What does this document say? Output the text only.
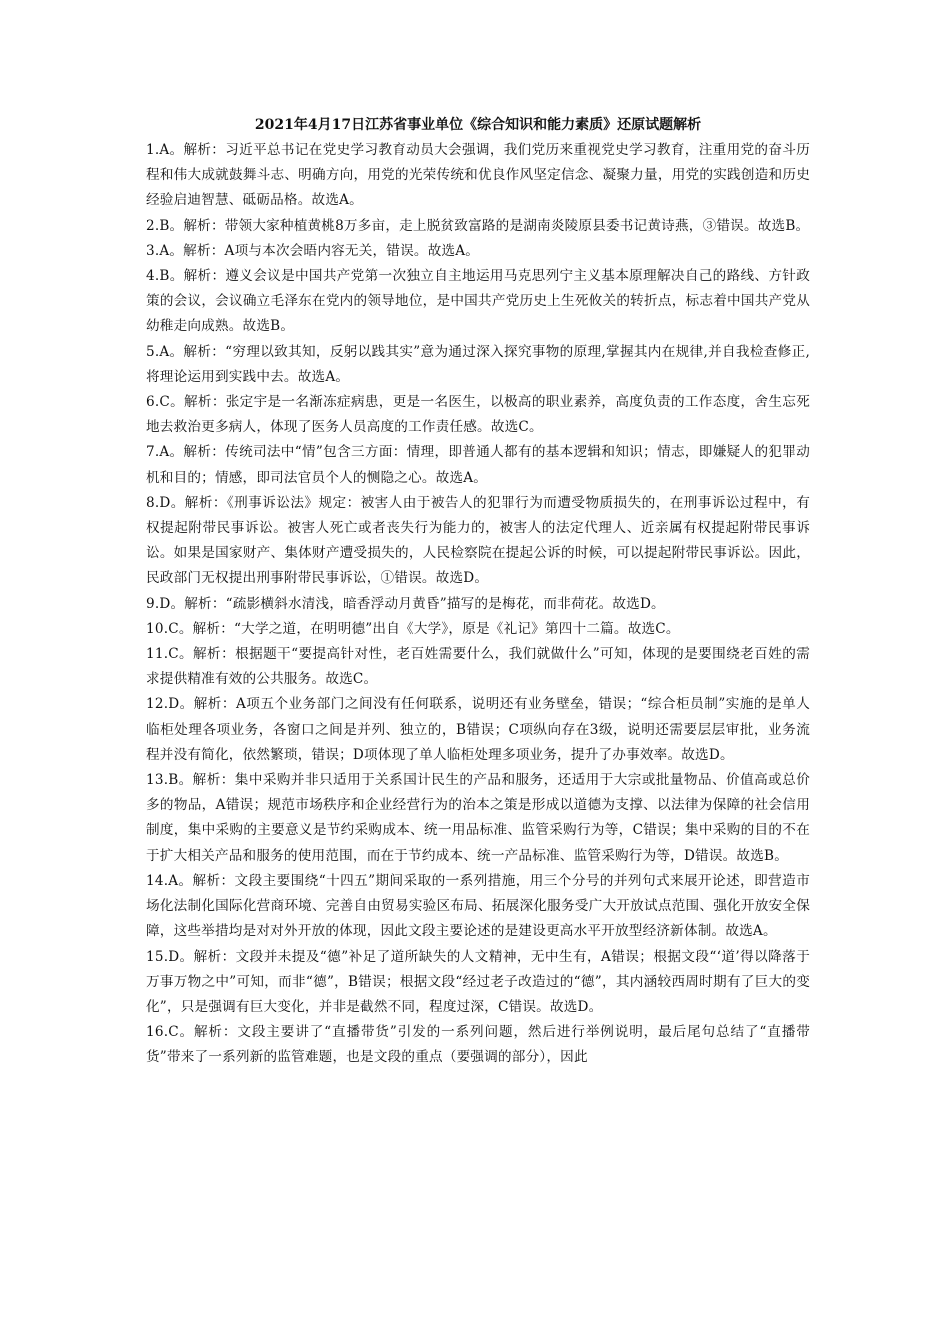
2021年4月17日江苏省事业单位《综合知识和能力素质》还原试题解析

1.A。解析：习近平总书记在党史学习教育动员大会强调，我们党历来重视党史学习教育，注重用党的奋斗历程和伟大成就鼓舞斗志、明确方向，用党的光荣传统和优良作风坚定信念、凝聚力量，用党的实践创造和历史经验启迪智慧、砥砺品格。故选A。

2.B。解析：带领大家种植黄桃8万多亩，走上脱贫致富路的是湖南炎陵原县委书记黄诗燕，③错误。故选B。

3.A。解析：A项与本次会晤内容无关，错误。故选A。

4.B。解析：遵义会议是中国共产党第一次独立自主地运用马克思列宁主义基本原理解决自己的路线、方针政策的会议，会议确立毛泽东在党内的领导地位，是中国共产党历史上生死攸关的转折点，标志着中国共产党从幼稚走向成熟。故选B。

5.A。解析：“穷理以致其知，反躬以践其实”意为通过深入探究事物的原理,掌握其内在规律,并自我检查修正,将理论运用到实践中去。故选A。

6.C。解析：张定宇是一名渐冻症病患，更是一名医生，以极高的职业素养，高度负责的工作态度，舍生忘死地去救治更多病人，体现了医务人员高度的工作责任感。故选C。

7.A。解析：传统司法中“情”包含三方面：情理，即普通人都有的基本逻辑和知识；情志，即嫌疑人的犯罪动机和目的；情感，即司法官员个人的恻隐之心。故选A。

8.D。解析：《刑事诉讼法》规定：被害人由于被告人的犯罪行为而遭受物质损失的，在刑事诉讼过程中，有权提起附带民事诉讼。被害人死亡或者丧失行为能力的，被害人的法定代理人、近亲属有权提起附带民事诉讼。如果是国家财产、集体财产遭受损失的，人民检察院在提起公诉的时候，可以提起附带民事诉讼。因此，民政部门无权提出刑事附带民事诉讼，①错误。故选D。

9.D。解析：“疏影横斜水清浅，暗香浮动月黄昏”描写的是梅花，而非荷花。故选D。

10.C。解析：“大学之道，在明明德”出自《大学》，原是《礼记》第四十二篇。故选C。

11.C。解析：根据题干“要提高针对性，老百姓需要什么，我们就做什么”可知，体现的是要围绕老百姓的需求提供精准有效的公共服务。故选C。

12.D。解析：A项五个业务部门之间没有任何联系，说明还有业务壁垒，错误；“综合柜员制”实施的是单人临柜处理各项业务，各窗口之间是并列、独立的，B错误；C项纵向存在3级，说明还需要层层审批，业务流程并没有简化，依然繁琐，错误；D项体现了单人临柜处理多项业务，提升了办事效率。故选D。

13.B。解析：集中采购并非只适用于关系国计民生的产品和服务，还适用于大宗或批量物品、价值高或总价多的物品，A错误；规范市场秩序和企业经营行为的治本之策是形成以道德为支撑、以法律为保障的社会信用制度，集中采购的主要意义是节约采购成本、统一用品标准、监管采购行为等，C错误；集中采购的目的不在于扩大相关产品和服务的使用范围，而在于节约成本、统一产品标准、监管采购行为等，D错误。故选B。

14.A。解析：文段主要围绕“十四五”期间采取的一系列措施，用三个分号的并列句式来展开论述，即营造市场化法制化国际化营商环境、完善自由贸易实验区布局、拓展深化服务受广大开放试点范围、强化开放安全保障，这些举措均是对对外开放的体现，因此文段主要论述的是建设更高水平开放型经济新体制。故选A。

15.D。解析：文段并未提及“德”补足了道所缺失的人文精神，无中生有，A错误；根据文段“‘道’得以降落于万事万物之中”可知，而非“德”，B错误；根据文段“经过老子改造过的“德”，其内涵较西周时期有了巨大的变化”，只是强调有巨大变化，并非是截然不同，程度过深，C错误。故选D。

16.C。解析：文段主要讲了“直播带货”引发的一系列问题，然后进行举例说明，最后尾句总结了“直播带货”带来了一系列新的监管难题，也是文段的重点（要强调的部分），因此
